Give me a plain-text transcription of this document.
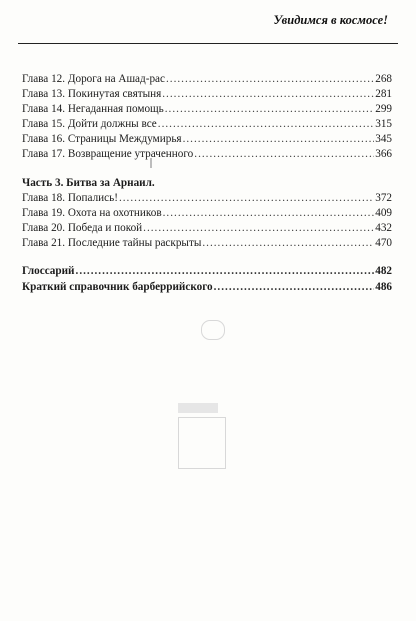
Увидимся в космосе!
Глава 12. Дорога на Ашад-рас .....	268
Глава 13. Покинутая святыня .....	281
Глава 14. Негаданная помощь .....	299
Глава 15. Дойти должны все .....	315
Глава 16. Страницы Междумирья .....	345
Глава 17. Возвращение утраченного .....	366
Часть 3. Битва за Арнаил.
Глава 18. Попались! .....	372
Глава 19. Охота на охотников .....	409
Глава 20. Победа и покой .....	432
Глава 21. Последние тайны раскрыты .....	470
Глоссарий .....	482
Краткий справочник барберрийского .....	486
